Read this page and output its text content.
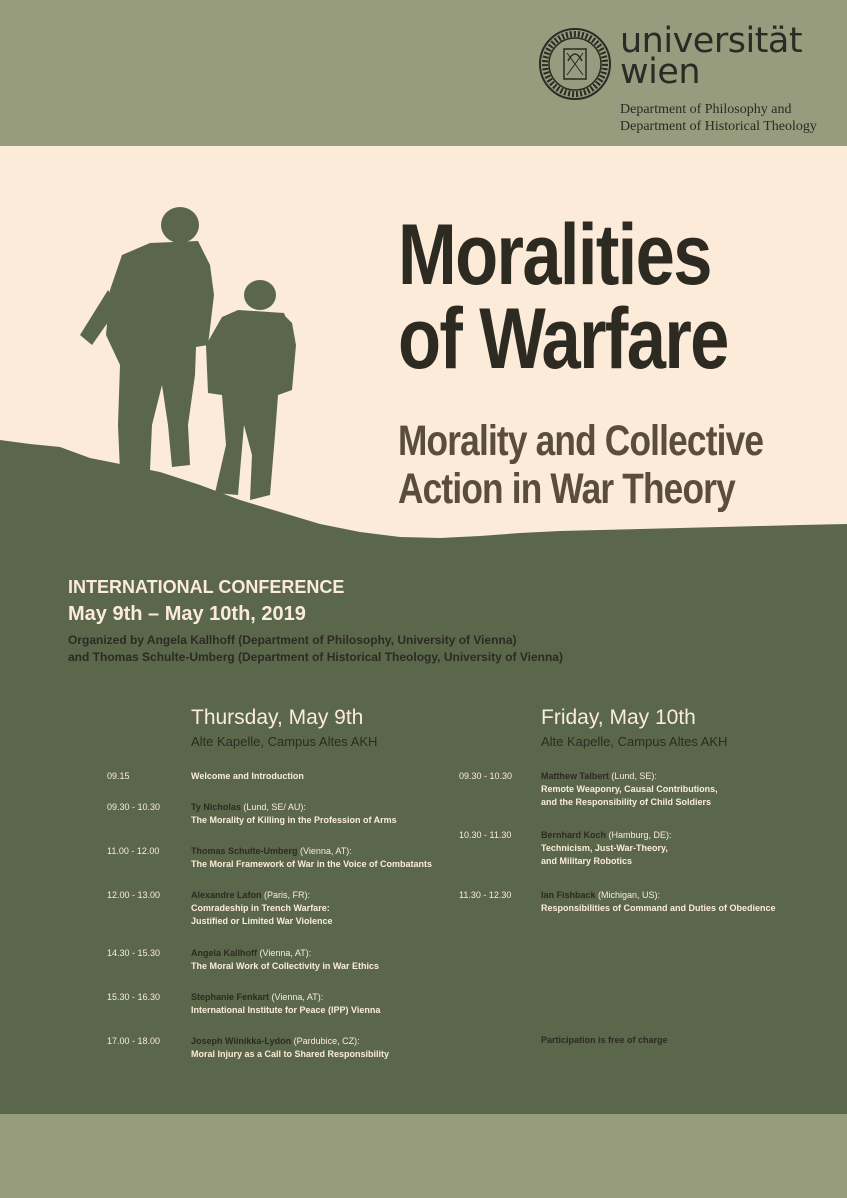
universität
wien
Department of Philosophy and
Department of Historical Theology
Moralities
of Warfare
Morality and Collective
Action in War Theory
INTERNATIONAL CONFERENCE
May 9th – May 10th, 2019
Organized by Angela Kallhoff (Department of Philosophy, University of Vienna)
and Thomas Schulte-Umberg (Department of Historical Theology, University of Vienna)
Thursday, May 9th
Alte Kapelle, Campus Altes AKH
Friday, May 10th
Alte Kapelle, Campus Altes AKH
09.15	Welcome and Introduction
09.30 - 10.30	Ty Nicholas (Lund, SE/ AU):
The Morality of Killing in the Profession of Arms
11.00 - 12.00	Thomas Schulte-Umberg (Vienna, AT):
The Moral Framework of War in the Voice of Combatants
12.00 - 13.00	Alexandre Lafon (Paris, FR):
Comradeship in Trench Warfare:
Justified or Limited War Violence
14.30 - 15.30	Angela Kallhoff (Vienna, AT):
The Moral Work of Collectivity in War Ethics
15.30 - 16.30	Stephanie Fenkart (Vienna, AT):
International Institute for Peace (IPP) Vienna
17.00 - 18.00	Joseph Wiinikka-Lydon (Pardubice, CZ):
Moral Injury as a Call to Shared Responsibility
09.30 - 10.30	Matthew Talbert (Lund, SE):
Remote Weaponry, Causal Contributions,
and the Responsibility of Child Soldiers
10.30 - 11.30	Bernhard Koch (Hamburg, DE):
Technicism, Just-War-Theory,
and Military Robotics
11.30 - 12.30	Ian Fishback (Michigan, US):
Responsibilities of Command and Duties of Obedience
Participation is free of charge
